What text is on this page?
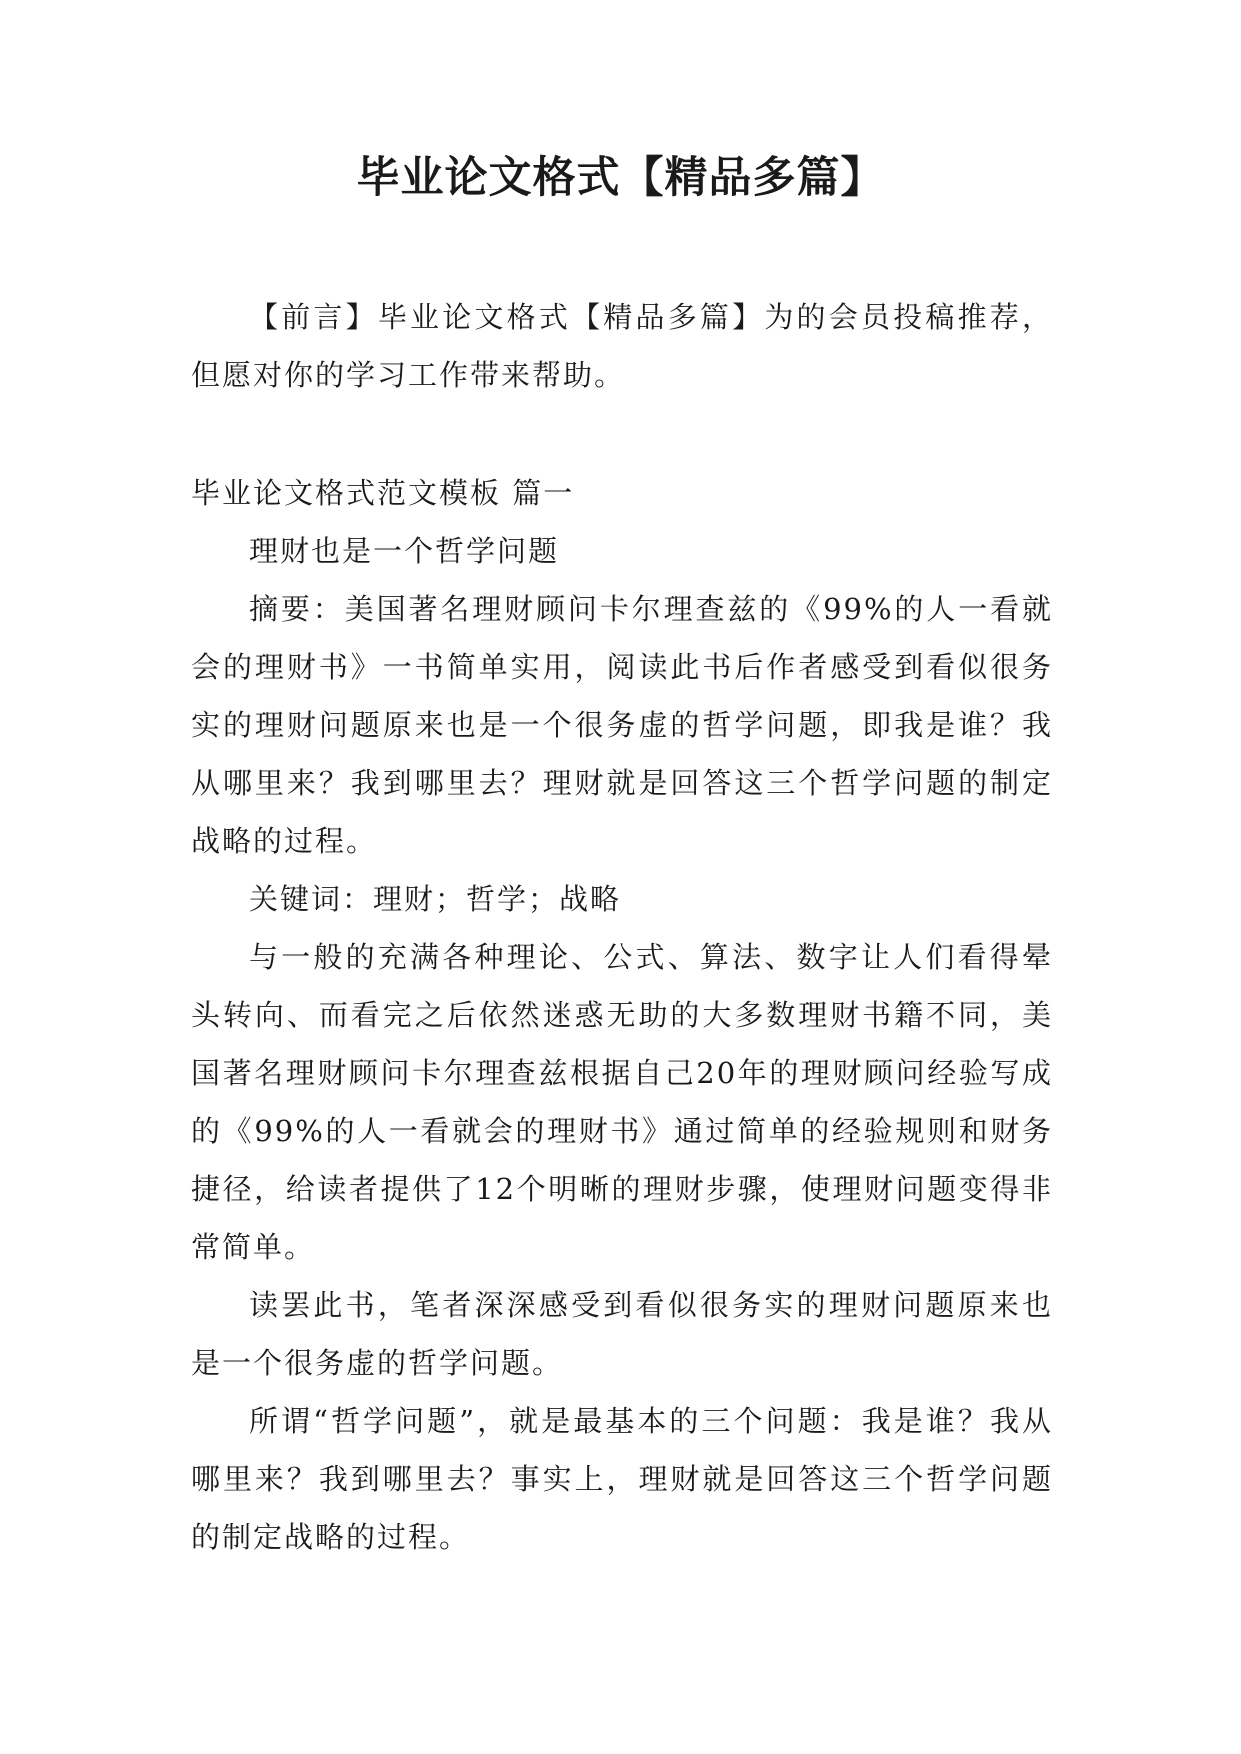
毕业论文格式【精品多篇】

【前言】毕业论文格式【精品多篇】为的会员投稿推荐，但愿对你的学习工作带来帮助。

毕业论文格式范文模板 篇一

理财也是一个哲学问题

摘要：美国著名理财顾问卡尔理查兹的《99%的人一看就会的理财书》一书简单实用，阅读此书后作者感受到看似很务实的理财问题原来也是一个很务虚的哲学问题，即我是谁？我从哪里来？我到哪里去？理财就是回答这三个哲学问题的制定战略的过程。

关键词：理财；哲学；战略

与一般的充满各种理论、公式、算法、数字让人们看得晕头转向、而看完之后依然迷惑无助的大多数理财书籍不同，美国著名理财顾问卡尔理查兹根据自己20年的理财顾问经验写成的《99%的人一看就会的理财书》通过简单的经验规则和财务捷径，给读者提供了12个明晰的理财步骤，使理财问题变得非常简单。

读罢此书，笔者深深感受到看似很务实的理财问题原来也是一个很务虚的哲学问题。

所谓“哲学问题”，就是最基本的三个问题：我是谁？我从哪里来？我到哪里去？事实上，理财就是回答这三个哲学问题的制定战略的过程。
